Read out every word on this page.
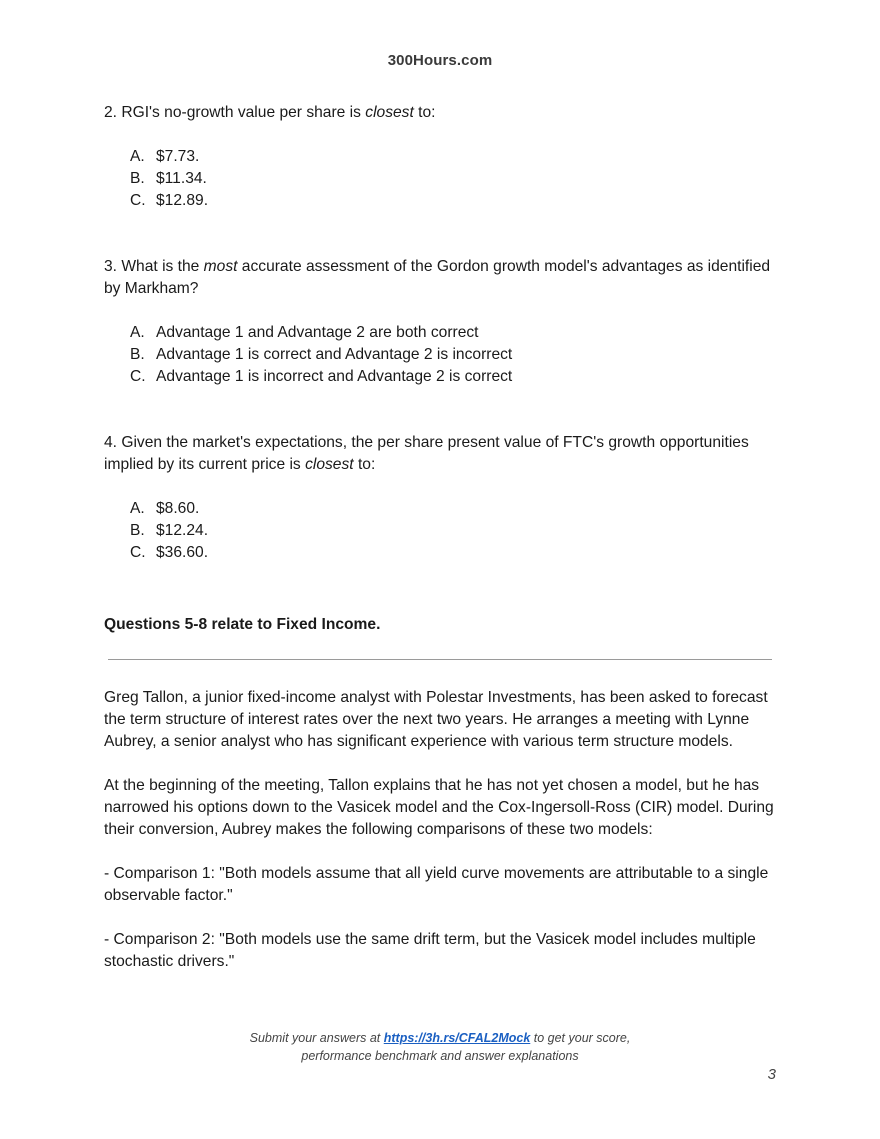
300Hours.com

2. RGI's no-growth value per share is closest to:

A. $7.73.
B. $11.34.
C. $12.89.

3. What is the most accurate assessment of the Gordon growth model's advantages as identified by Markham?

A. Advantage 1 and Advantage 2 are both correct
B. Advantage 1 is correct and Advantage 2 is incorrect
C. Advantage 1 is incorrect and Advantage 2 is correct

4. Given the market's expectations, the per share present value of FTC's growth opportunities implied by its current price is closest to:

A. $8.60.
B. $12.24.
C. $36.60.
Questions 5-8 relate to Fixed Income.

Greg Tallon, a junior fixed-income analyst with Polestar Investments, has been asked to forecast the term structure of interest rates over the next two years. He arranges a meeting with Lynne Aubrey, a senior analyst who has significant experience with various term structure models.

At the beginning of the meeting, Tallon explains that he has not yet chosen a model, but he has narrowed his options down to the Vasicek model and the Cox-Ingersoll-Ross (CIR) model. During their conversion, Aubrey makes the following comparisons of these two models:

- Comparison 1: "Both models assume that all yield curve movements are attributable to a single observable factor."

- Comparison 2: "Both models use the same drift term, but the Vasicek model includes multiple stochastic drivers."

Submit your answers at https://3h.rs/CFAL2Mock to get your score,
performance benchmark and answer explanations
3
